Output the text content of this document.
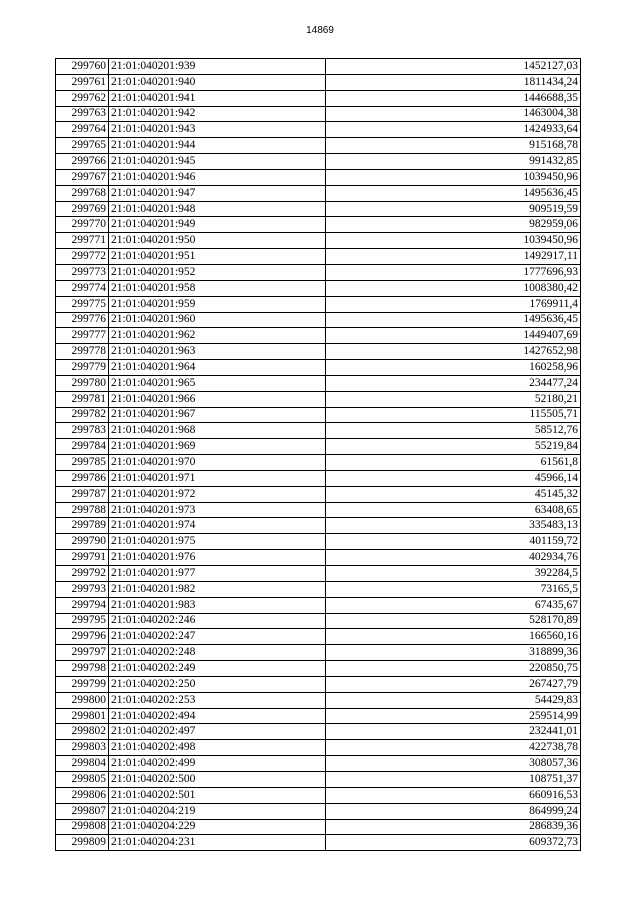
14869
299760	21:01:040201:939	1452127,03
299761	21:01:040201:940	1811434,24
299762	21:01:040201:941	1446688,35
299763	21:01:040201:942	1463004,38
299764	21:01:040201:943	1424933,64
299765	21:01:040201:944	915168,78
299766	21:01:040201:945	991432,85
299767	21:01:040201:946	1039450,96
299768	21:01:040201:947	1495636,45
299769	21:01:040201:948	909519,59
299770	21:01:040201:949	982959,06
299771	21:01:040201:950	1039450,96
299772	21:01:040201:951	1492917,11
299773	21:01:040201:952	1777696,93
299774	21:01:040201:958	1008380,42
299775	21:01:040201:959	1769911,4
299776	21:01:040201:960	1495636,45
299777	21:01:040201:962	1449407,69
299778	21:01:040201:963	1427652,98
299779	21:01:040201:964	160258,96
299780	21:01:040201:965	234477,24
299781	21:01:040201:966	52180,21
299782	21:01:040201:967	115505,71
299783	21:01:040201:968	58512,76
299784	21:01:040201:969	55219,84
299785	21:01:040201:970	61561,8
299786	21:01:040201:971	45966,14
299787	21:01:040201:972	45145,32
299788	21:01:040201:973	63408,65
299789	21:01:040201:974	335483,13
299790	21:01:040201:975	401159,72
299791	21:01:040201:976	402934,76
299792	21:01:040201:977	392284,5
299793	21:01:040201:982	73165,5
299794	21:01:040201:983	67435,67
299795	21:01:040202:246	528170,89
299796	21:01:040202:247	166560,16
299797	21:01:040202:248	318899,36
299798	21:01:040202:249	220850,75
299799	21:01:040202:250	267427,79
299800	21:01:040202:253	54429,83
299801	21:01:040202:494	259514,99
299802	21:01:040202:497	232441,01
299803	21:01:040202:498	422738,78
299804	21:01:040202:499	308057,36
299805	21:01:040202:500	108751,37
299806	21:01:040202:501	660916,53
299807	21:01:040204:219	864999,24
299808	21:01:040204:229	286839,36
299809	21:01:040204:231	609372,73
